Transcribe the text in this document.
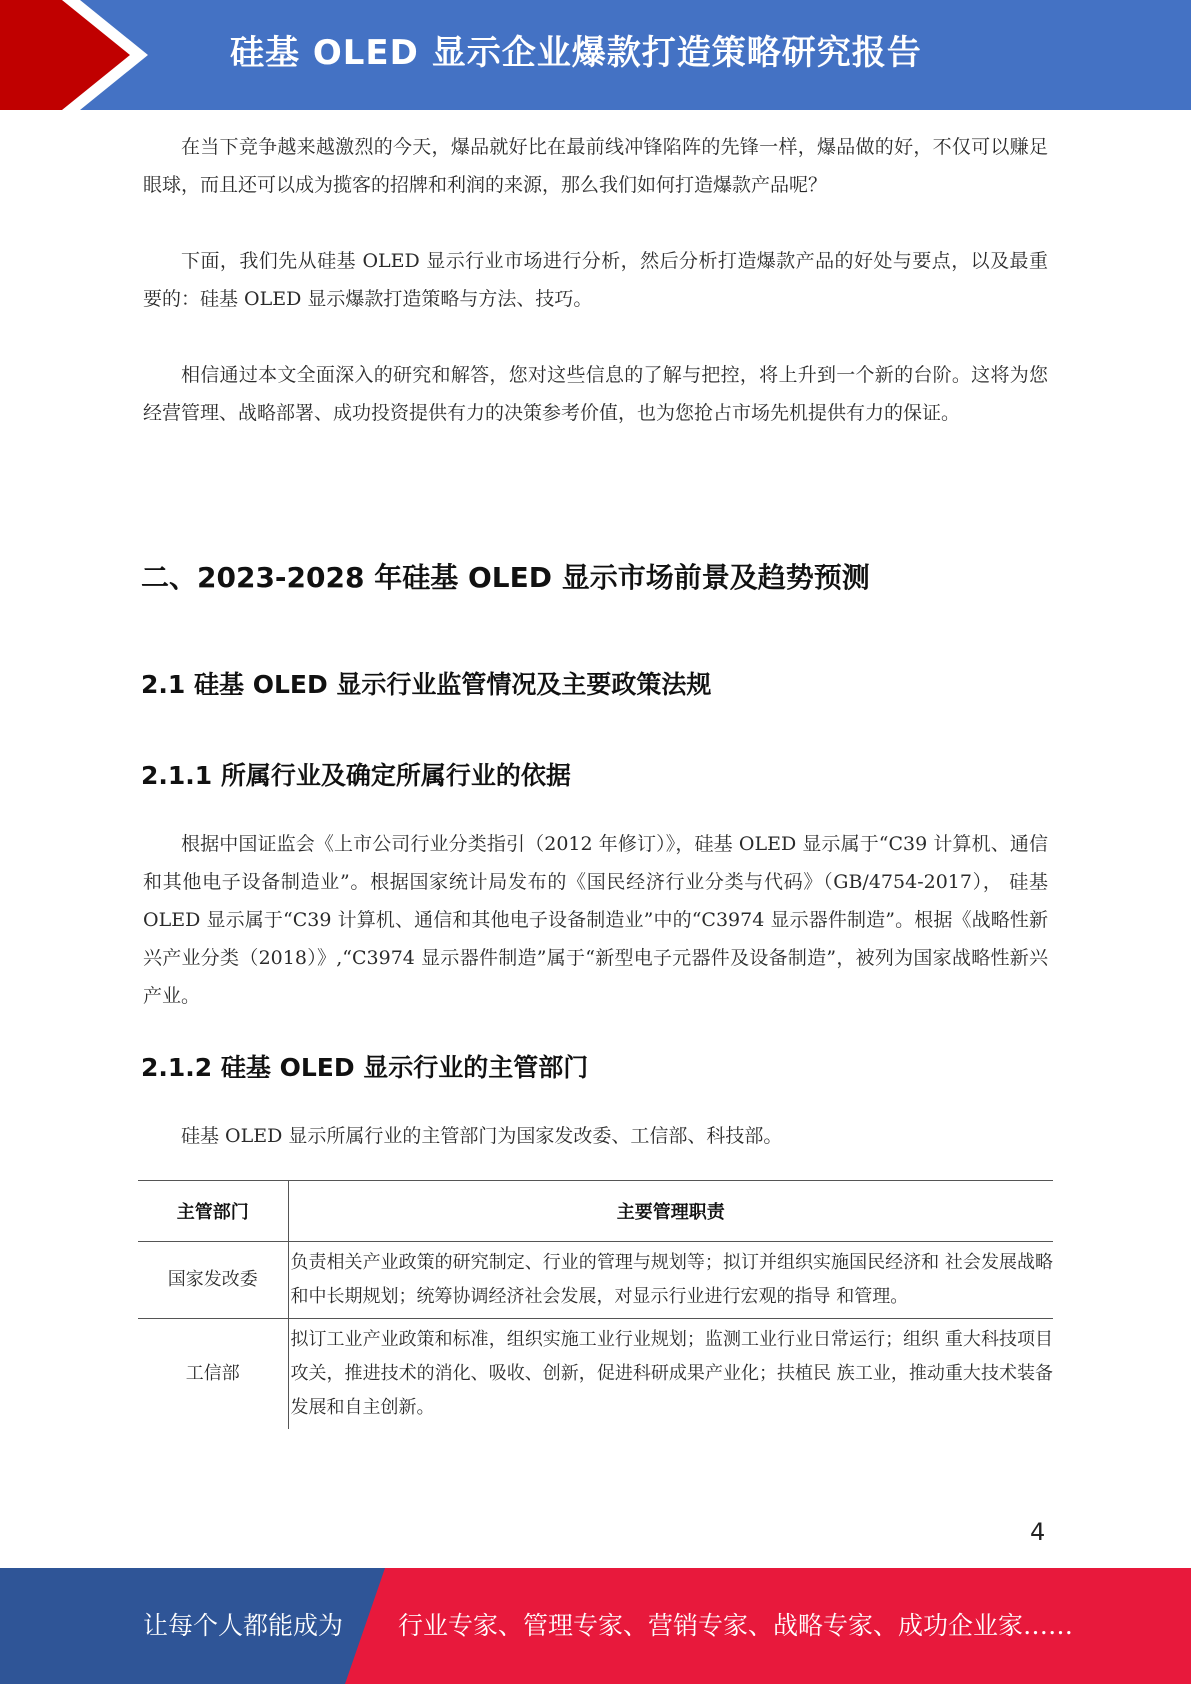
硅基 OLED 显示企业爆款打造策略研究报告

在当下竞争越来越激烈的今天，爆品就好比在最前线冲锋陷阵的先锋一样，爆品做的好，不仅可以赚足眼球，而且还可以成为揽客的招牌和利润的来源，那么我们如何打造爆款产品呢？

下面，我们先从硅基 OLED 显示行业市场进行分析，然后分析打造爆款产品的好处与要点，以及最重要的：硅基 OLED 显示爆款打造策略与方法、技巧。

相信通过本文全面深入的研究和解答，您对这些信息的了解与把控，将上升到一个新的台阶。这将为您经营管理、战略部署、成功投资提供有力的决策参考价值，也为您抢占市场先机提供有力的保证。

二、2023-2028 年硅基 OLED 显示市场前景及趋势预测
2.1 硅基 OLED 显示行业监管情况及主要政策法规
2.1.1 所属行业及确定所属行业的依据

根据中国证监会《上市公司行业分类指引（2012 年修订）》，硅基 OLED 显示属于“C39 计算机、通信和其他电子设备制造业”。根据国家统计局发布的《国民经济行业分类与代码》（GB/4754-2017）， 硅基 OLED 显示属于“C39 计算机、通信和其他电子设备制造业”中的“C3974 显示器件制造”。根据《战略性新兴产业分类（2018）》,“C3974 显示器件制造”属于“新型电子元器件及设备制造”，被列为国家战略性新兴产业。

2.1.2 硅基 OLED 显示行业的主管部门

硅基 OLED 显示所属行业的主管部门为国家发改委、工信部、科技部。

主管部门	主要管理职责
国家发改委	负责相关产业政策的研究制定、行业的管理与规划等；拟订并组织实施国民经济和 社会发展战略和中长期规划；统筹协调经济社会发展，对显示行业进行宏观的指导 和管理。
工信部	拟订工业产业政策和标准，组织实施工业行业规划；监测工业行业日常运行；组织 重大科技项目攻关，推进技术的消化、吸收、创新，促进科研成果产业化；扶植民 族工业，推动重大技术装备发展和自主创新。
4
让每个人都能成为 行业专家、管理专家、营销专家、战略专家、成功企业家……
